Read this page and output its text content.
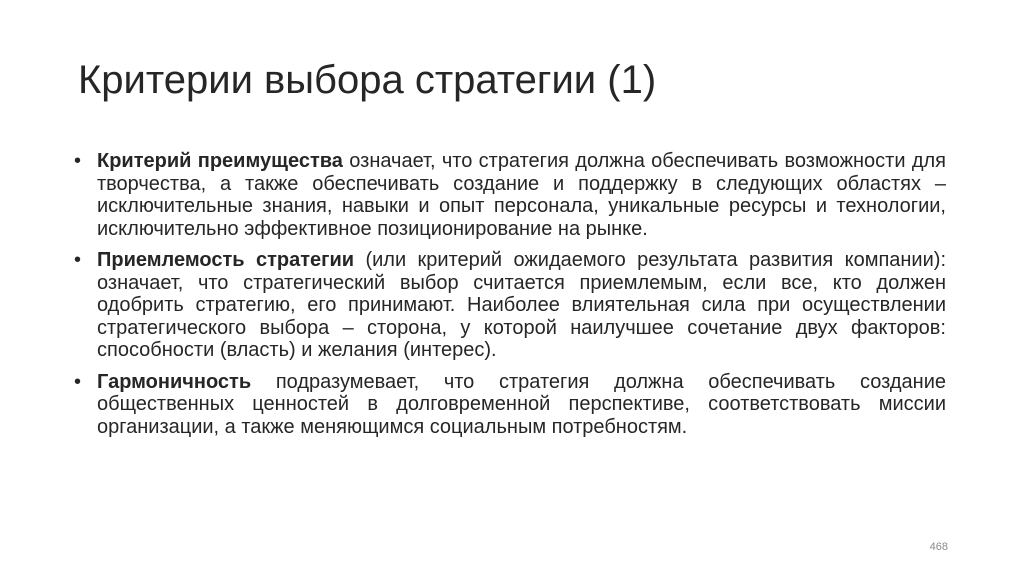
Критерии выбора стратегии (1)
• Критерий преимущества означает, что стратегия должна обеспечивать возможности для творчества, а также обеспечивать создание и поддержку в следующих областях – исключительные знания, навыки и опыт персонала, уникальные ресурсы и технологии, исключительно эффективное позиционирование на рынке.
• Приемлемость стратегии (или критерий ожидаемого результата развития компании): означает, что стратегический выбор считается приемлемым, если все, кто должен одобрить стратегию, его принимают. Наиболее влиятельная сила при осуществлении стратегического выбора – сторона, у которой наилучшее сочетание двух факторов: способности (власть) и желания (интерес).
• Гармоничность подразумевает, что стратегия должна обеспечивать создание общественных ценностей в долговременной перспективе, соответствовать миссии организации, а также меняющимся социальным потребностям.
468
